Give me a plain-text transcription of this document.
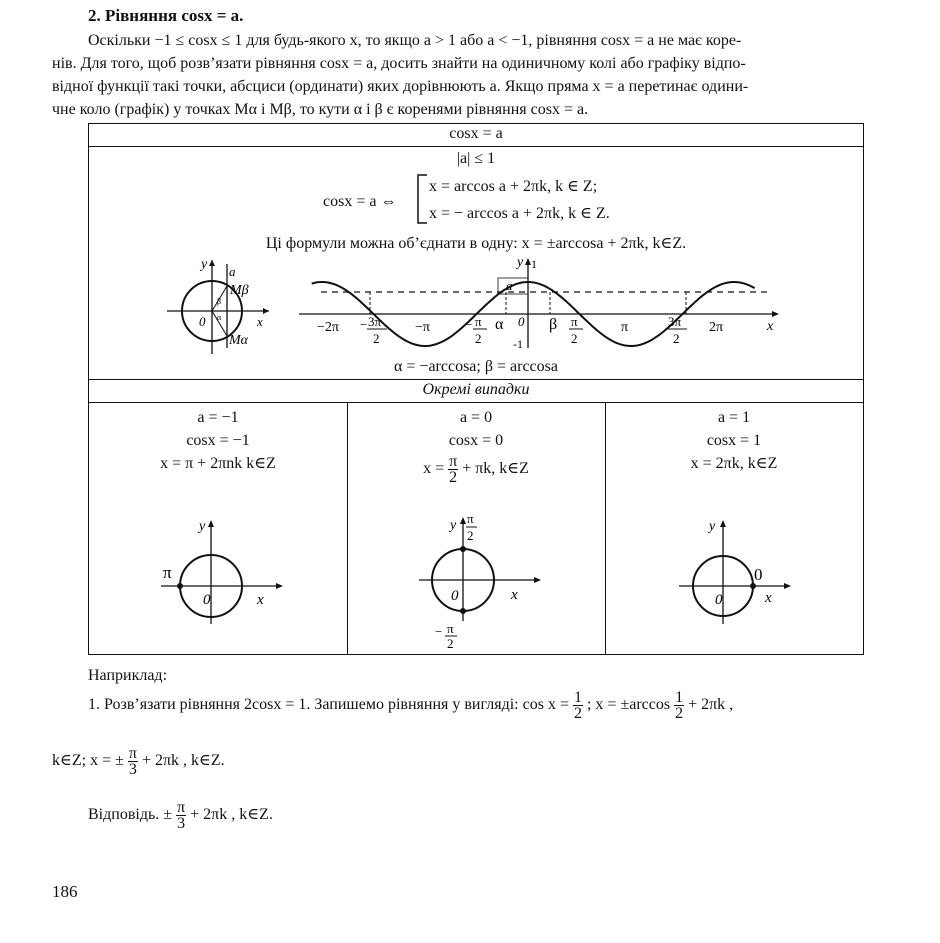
2. Рівняння cosx = a.
Оскільки −1 ≤ cosx ≤ 1 для будь-якого x, то якщо a > 1 або a < −1, рівняння cosx = a не має коре-
нів. Для того, щоб розв’язати рівняння cosx = a, досить знайти на одиничному колі або графіку відпо-
відної функції такі точки, абсциси (ординати) яких дорівнюють a. Якщо пряма x = a перетинає одини-
чне коло (графік) у точках Mα і Mβ, то кути α і β є коренями рівняння cosx = a.
cosx = a
|a| ≤ 1
cosx = a ⇔
x = arccos a + 2πk, k ∈ Z;
x = − arccos a + 2πk, k ∈ Z.
Ці формули можна об’єднати в одну: x = ±arccosa + 2πk, k∈Z.
y a
Mβ
Mα
0	x
β
α
y 1
a
0
-1
α	β	x
−2π	−π	π	2π
− 3π
2
− π
2
π
2
3π
2
α = −arccosa; β = arccosa
Окремі випадки
a = −1
cosx = −1
x = π + 2πnk k∈Z
a = 0
cosx = 0
$x = \frac{\pi}{2} + \pi k$, k∈Z
a = 1
cosx = 1
x = 2πk, k∈Z
y
π
0	x
y π
2
0	x
− π
2
y
0
0	x
Наприклад:
1. Розв’язати рівняння 2cosx = 1. Запишемо рівняння у вигляді: $\cos x = \frac{1}{2}$ ; $x = \pm\arccos \frac{1}{2} + 2\pi k$ ,
k∈Z; x = ± $\frac{\pi}{3} + 2\pi k$ , k∈Z.
Відповідь. ± $\frac{\pi}{3} + 2\pi k$ , k∈Z.
186
